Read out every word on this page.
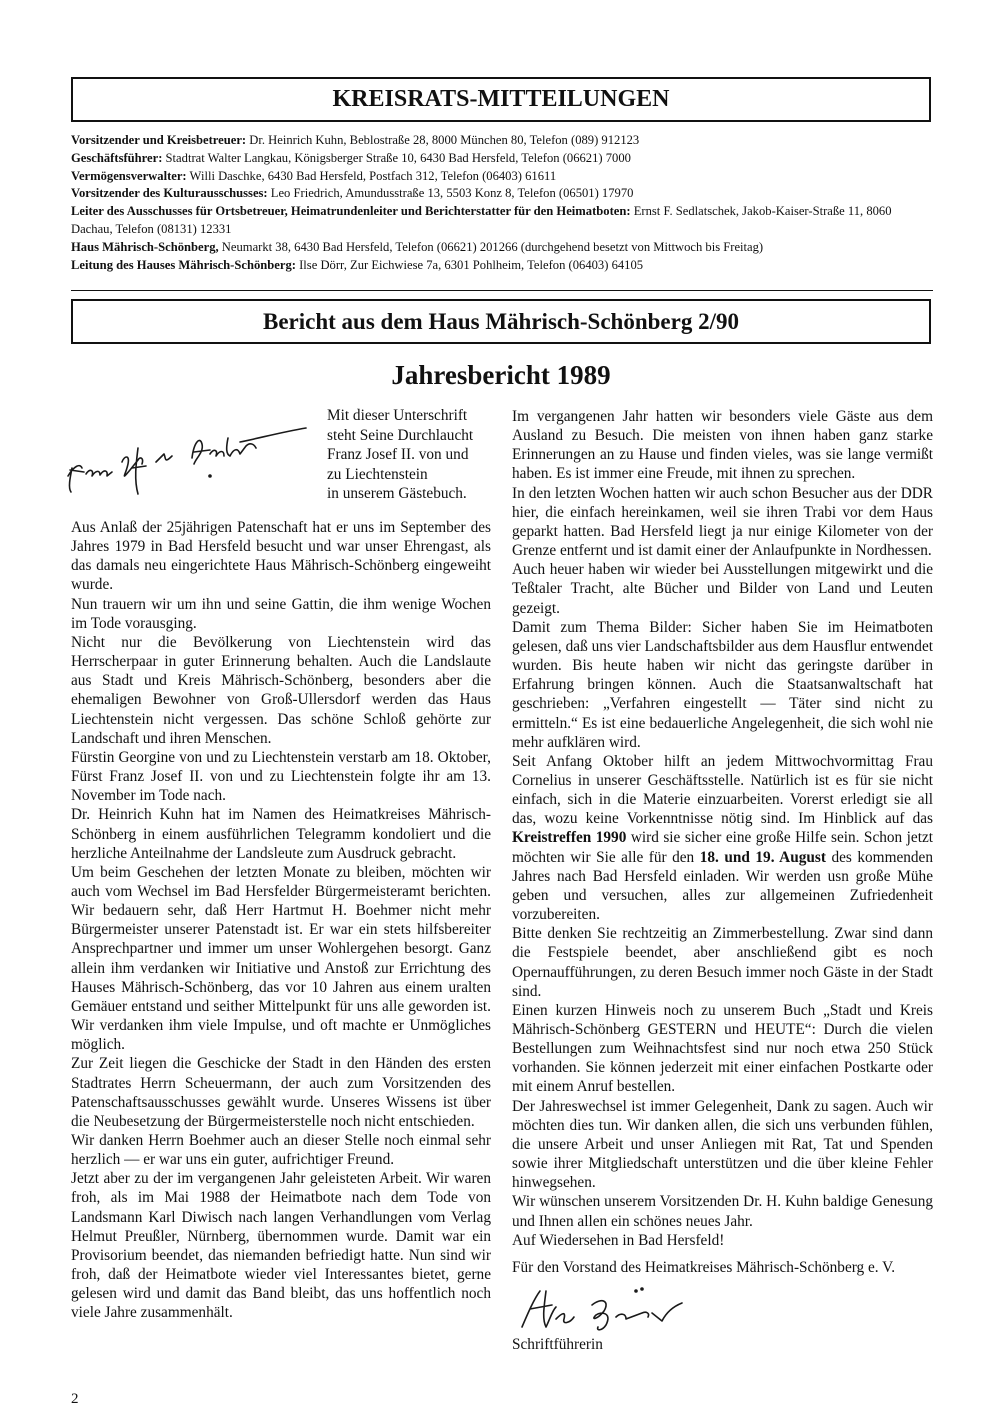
KREISRATS-MITTEILUNGEN
Vorsitzender und Kreisbetreuer: Dr. Heinrich Kuhn, Beblostraße 28, 8000 München 80, Telefon (089) 912123
Geschäftsführer: Stadtrat Walter Langkau, Königsberger Straße 10, 6430 Bad Hersfeld, Telefon (06621) 7000
Vermögensverwalter: Willi Daschke, 6430 Bad Hersfeld, Postfach 312, Telefon (06403) 61611
Vorsitzender des Kulturausschusses: Leo Friedrich, Amundusstraße 13, 5503 Konz 8, Telefon (06501) 17970
Leiter des Ausschusses für Ortsbetreuer, Heimatrundenleiter und Berichterstatter für den Heimatboten: Ernst F. Sedlatschek, Jakob-Kaiser-Straße 11, 8060 Dachau, Telefon (08131) 12331
Haus Mährisch-Schönberg, Neumarkt 38, 6430 Bad Hersfeld, Telefon (06621) 201266 (durchgehend besetzt von Mittwoch bis Freitag)
Leitung des Hauses Mährisch-Schönberg: Ilse Dörr, Zur Eichwiese 7a, 6301 Pohlheim, Telefon (06403) 64105
Bericht aus dem Haus Mährisch-Schönberg 2/90
Jahresbericht 1989

Mit dieser Unterschrift

steht Seine Durchlaucht

Franz Josef II. von und

zu Liechtenstein

in unserem Gästebuch.

Aus Anlaß der 25jährigen Patenschaft hat er uns im September des Jahres 1979 in Bad Hersfeld besucht und war unser Ehrengast, als das damals neu eingerichtete Haus Mährisch-Schönberg eingeweiht wurde.

Nun trauern wir um ihn und seine Gattin, die ihm wenige Wochen im Tode vorausging.

Nicht nur die Bevölkerung von Liechtenstein wird das Herrscherpaar in guter Erinnerung behalten. Auch die Landslaute aus Stadt und Kreis Mährisch-Schönberg, besonders aber die ehemaligen Bewohner von Groß-Ullersdorf werden das Haus Liechtenstein nicht vergessen. Das schöne Schloß gehörte zur Landschaft und ihren Menschen.

Fürstin Georgine von und zu Liechtenstein verstarb am 18. Oktober, Fürst Franz Josef II. von und zu Liechtenstein folgte ihr am 13. November im Tode nach.

Dr. Heinrich Kuhn hat im Namen des Heimatkreises Mährisch-Schönberg in einem ausführlichen Telegramm kondoliert und die herzliche Anteilnahme der Landsleute zum Ausdruck gebracht.

Um beim Geschehen der letzten Monate zu bleiben, möchten wir auch vom Wechsel im Bad Hersfelder Bürgermeisteramt berichten. Wir bedauern sehr, daß Herr Hartmut H. Boehmer nicht mehr Bürgermeister unserer Patenstadt ist. Er war ein stets hilfsbereiter Ansprechpartner und immer um unser Wohlergehen besorgt. Ganz allein ihm verdanken wir Initiative und Anstoß zur Errichtung des Hauses Mährisch-Schönberg, das vor 10 Jahren aus einem uralten Gemäuer entstand und seither Mittelpunkt für uns alle geworden ist. Wir verdanken ihm viele Impulse, und oft machte er Unmögliches möglich.

Zur Zeit liegen die Geschicke der Stadt in den Händen des ersten Stadtrates Herrn Scheuermann, der auch zum Vorsitzenden des Patenschaftsausschusses gewählt wurde. Unseres Wissens ist über die Neubesetzung der Bürgermeisterstelle noch nicht entschieden.

Wir danken Herrn Boehmer auch an dieser Stelle noch einmal sehr herzlich — er war uns ein guter, aufrichtiger Freund.

Jetzt aber zu der im vergangenen Jahr geleisteten Arbeit. Wir waren froh, als im Mai 1988 der Heimatbote nach dem Tode von Landsmann Karl Diwisch nach langen Verhandlungen vom Verlag Helmut Preußler, Nürnberg, übernommen wurde. Damit war ein Provisorium beendet, das niemanden befriedigt hatte. Nun sind wir froh, daß der Heimatbote wieder viel Interessantes bietet, gerne gelesen wird und damit das Band bleibt, das uns hoffentlich noch viele Jahre zusammenhält.

Im vergangenen Jahr hatten wir besonders viele Gäste aus dem Ausland zu Besuch. Die meisten von ihnen haben ganz starke Erinnerungen an zu Hause und finden vieles, was sie lange vermißt haben. Es ist immer eine Freude, mit ihnen zu sprechen.

In den letzten Wochen hatten wir auch schon Besucher aus der DDR hier, die einfach hereinkamen, weil sie ihren Trabi vor dem Haus geparkt hatten. Bad Hersfeld liegt ja nur einige Kilometer von der Grenze entfernt und ist damit einer der Anlaufpunkte in Nordhessen.

Auch heuer haben wir wieder bei Ausstellungen mitgewirkt und die Teßtaler Tracht, alte Bücher und Bilder von Land und Leuten gezeigt.

Damit zum Thema Bilder: Sicher haben Sie im Heimatboten gelesen, daß uns vier Landschaftsbilder aus dem Hausflur entwendet wurden. Bis heute haben wir nicht das geringste darüber in Erfahrung bringen können. Auch die Staatsanwaltschaft hat geschrieben: „Verfahren eingestellt — Täter sind nicht zu ermitteln.“ Es ist eine bedauerliche Angelegenheit, die sich wohl nie mehr aufklären wird.

Seit Anfang Oktober hilft an jedem Mittwochvormittag Frau Cornelius in unserer Geschäftsstelle. Natürlich ist es für sie nicht einfach, sich in die Materie einzuarbeiten. Vorerst erledigt sie all das, wozu keine Vorkenntnisse nötig sind. Im Hinblick auf das Kreistreffen 1990 wird sie sicher eine große Hilfe sein. Schon jetzt möchten wir Sie alle für den 18. und 19. August des kommenden Jahres nach Bad Hersfeld einladen. Wir werden usn große Mühe geben und versuchen, alles zur allgemeinen Zufriedenheit vorzubereiten.

Bitte denken Sie rechtzeitig an Zimmerbestellung. Zwar sind dann die Festspiele beendet, aber anschließend gibt es noch Opernaufführungen, zu deren Besuch immer noch Gäste in der Stadt sind.

Einen kurzen Hinweis noch zu unserem Buch „Stadt und Kreis Mährisch-Schönberg GESTERN und HEUTE“: Durch die vielen Bestellungen zum Weihnachtsfest sind nur noch etwa 250 Stück vorhanden. Sie können jederzeit mit einer einfachen Postkarte oder mit einem Anruf bestellen.

Der Jahreswechsel ist immer Gelegenheit, Dank zu sagen. Auch wir möchten dies tun. Wir danken allen, die sich uns verbunden fühlen, die unsere Arbeit und unser Anliegen mit Rat, Tat und Spenden sowie ihrer Mitgliedschaft unterstützen und die über kleine Fehler hinwegsehen.

Wir wünschen unserem Vorsitzenden Dr. H. Kuhn baldige Genesung und Ihnen allen ein schönes neues Jahr.

Auf Wiedersehen in Bad Hersfeld!

Für den Vorstand des Heimatkreises Mährisch-Schönberg e. V.

Schriftführerin

2
